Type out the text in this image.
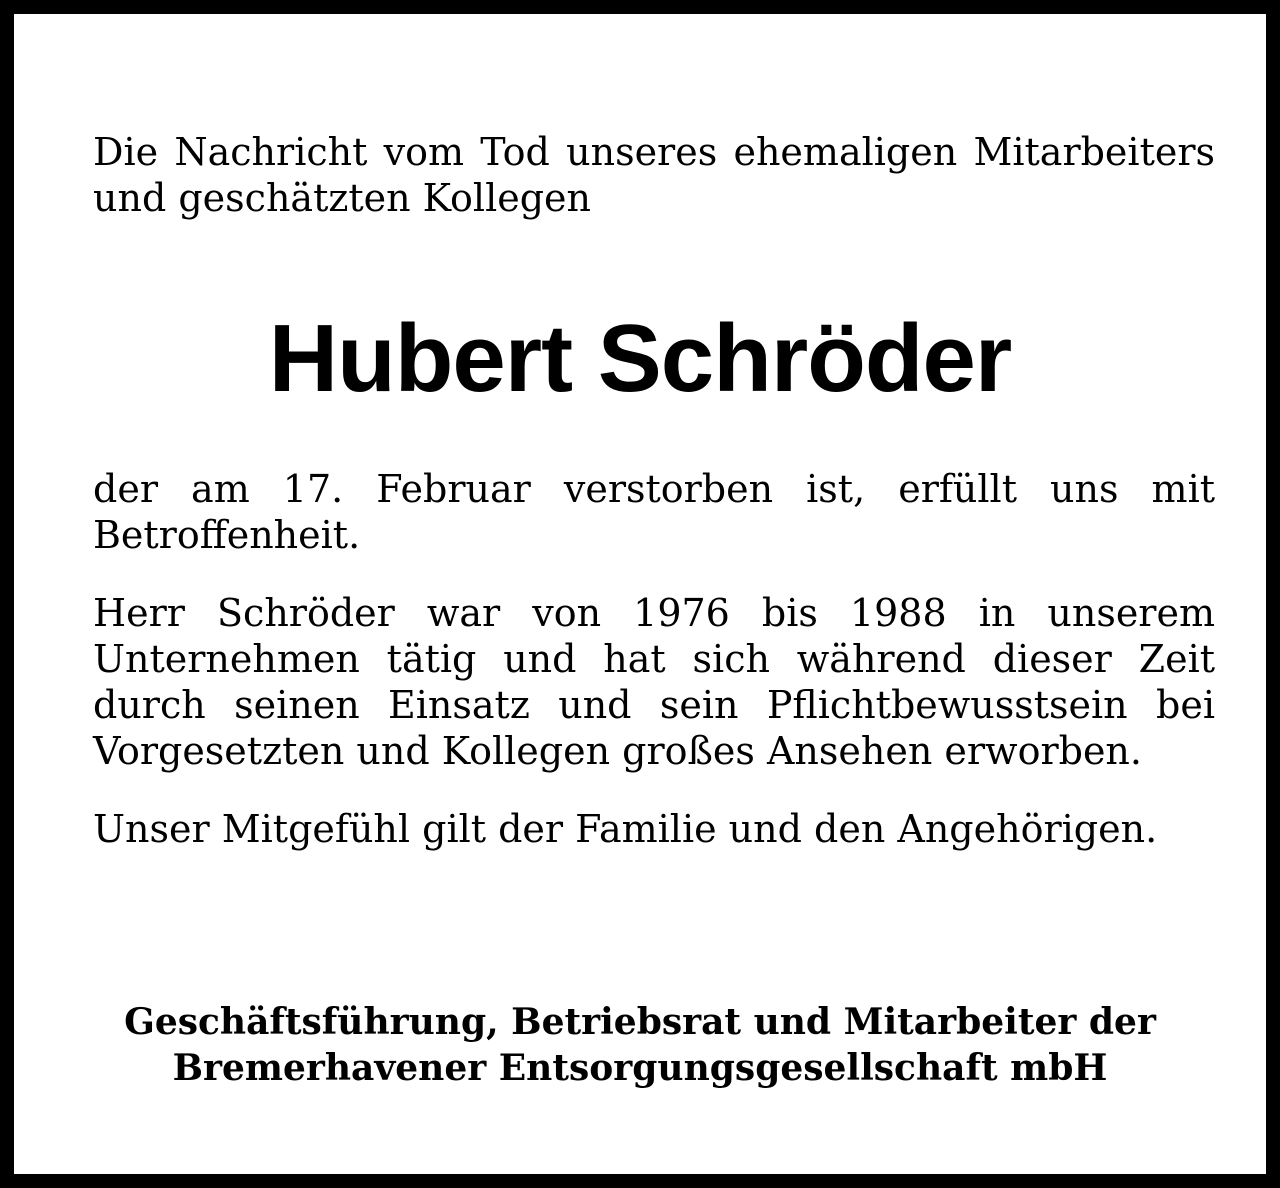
Die Nachricht vom Tod unseres ehemaligen Mitarbeiters und geschätzten Kollegen

Hubert Schröder

der am 17. Februar verstorben ist, erfüllt uns mit Betroffenheit.

Herr Schröder war von 1976 bis 1988 in unserem Unternehmen tätig und hat sich während dieser Zeit durch seinen Einsatz und sein Pflichtbewusstsein bei Vorgesetzten und Kollegen großes Ansehen erworben.

Unser Mitgefühl gilt der Familie und den Angehörigen.

Geschäftsführung, Betriebsrat und Mitarbeiter der
Bremerhavener Entsorgungsgesellschaft mbH
